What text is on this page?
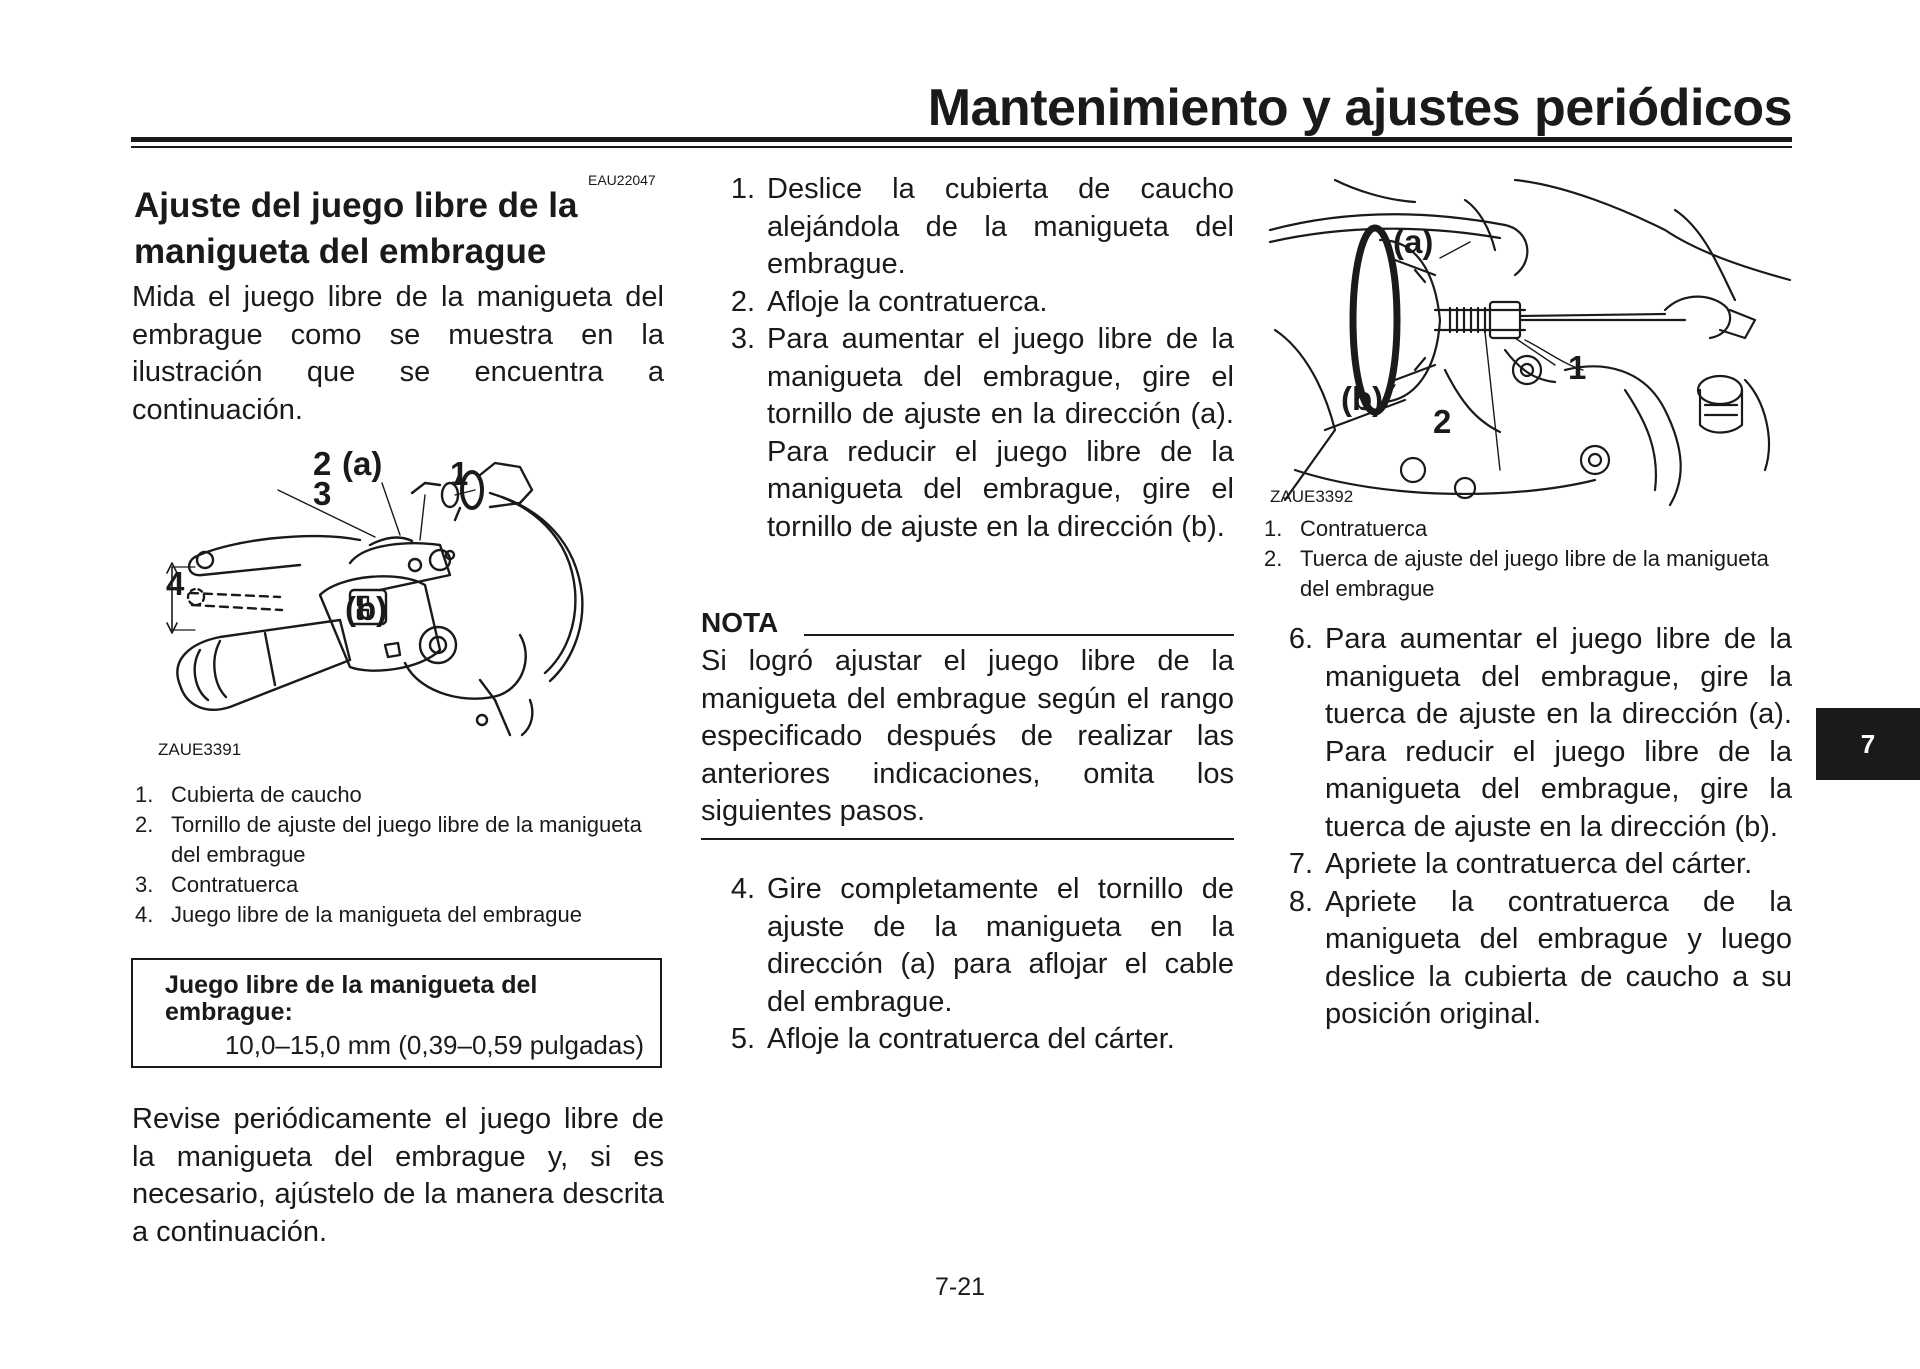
Mantenimiento y ajustes periódicos
EAU22047
Ajuste del juego libre de la
manigueta del embrague
Mida el juego libre de la manigueta del embrague como se muestra en la ilustración que se encuentra a continuación.
2 (a) 1
3
4
(b)
ZAUE3391
1. Cubierta de caucho
2. Tornillo de ajuste del juego libre de la manigueta del embrague
3. Contratuerca
4. Juego libre de la manigueta del embrague
Juego libre de la manigueta del embrague:
10,0–15,0 mm (0,39–0,59 pulgadas)
Revise periódicamente el juego libre de la manigueta del embrague y, si es necesario, ajústelo de la manera descrita a continuación.
1. Deslice la cubierta de caucho alejándola de la manigueta del embrague.
2. Afloje la contratuerca.
3. Para aumentar el juego libre de la manigueta del embrague, gire el tornillo de ajuste en la dirección (a). Para reducir el juego libre de la manigueta del embrague, gire el tornillo de ajuste en la dirección (b).
NOTA
Si logró ajustar el juego libre de la manigueta del embrague según el rango especificado después de realizar las anteriores indicaciones, omita los siguientes pasos.
4. Gire completamente el tornillo de ajuste de la manigueta en la dirección (a) para aflojar el cable del embrague.
5. Afloje la contratuerca del cárter.
(a)
(b)
1
2
ZAUE3392
1. Contratuerca
2. Tuerca de ajuste del juego libre de la manigueta del embrague
6. Para aumentar el juego libre de la manigueta del embrague, gire la tuerca de ajuste en la dirección (a). Para reducir el juego libre de la manigueta del embrague, gire la tuerca de ajuste en la dirección (b).
7. Apriete la contratuerca del cárter.
8. Apriete la contratuerca de la manigueta del embrague y luego deslice la cubierta de caucho a su posición original.
7
7-21
